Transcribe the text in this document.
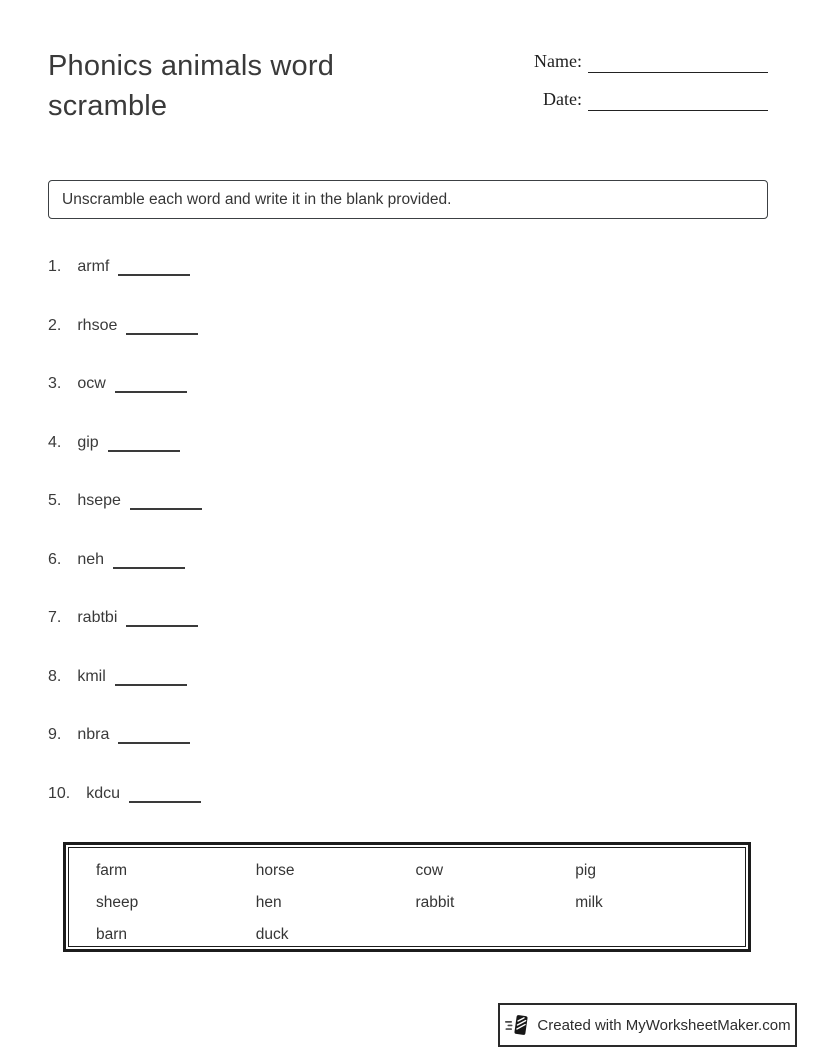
Phonics animals word scramble
Name:
Date:
Unscramble each word and write it in the blank provided.
1. armf
2. rhsoe
3. ocw
4. gip
5. hsepe
6. neh
7. rabtbi
8. kmil
9. nbra
10. kdcu
farm	horse	cow	pig
sheep	hen	rabbit	milk
barn	duck
Created with MyWorksheetMaker.com
